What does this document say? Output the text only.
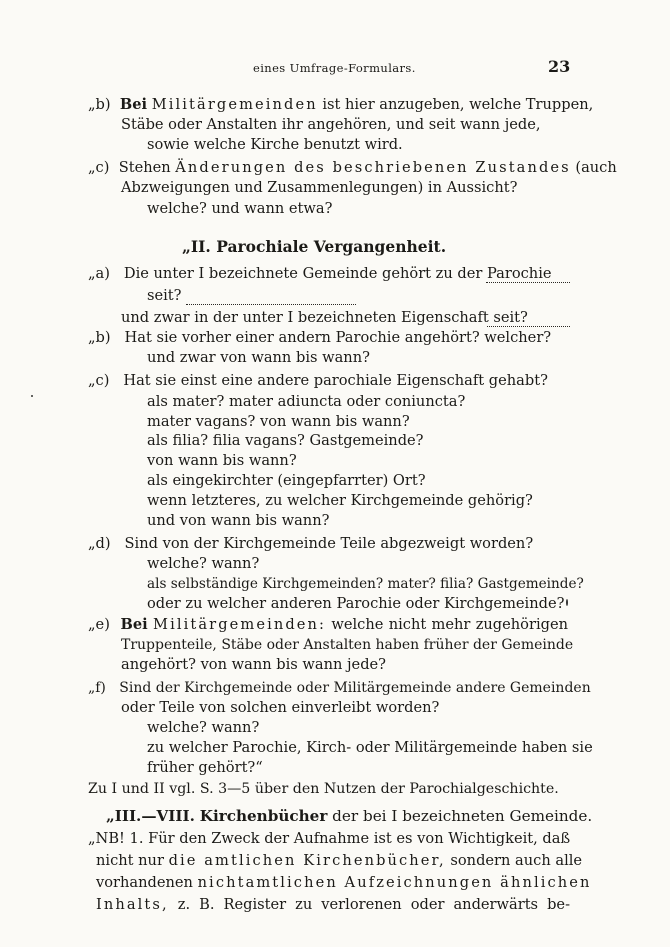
eines Umfrage-Formulars.	23
„b) Bei Militärgemeinden ist hier anzugeben, welche Truppen,
Stäbe oder Anstalten ihr angehören, und seit wann jede,
sowie welche Kirche benutzt wird.
„c) Stehen Änderungen des beschriebenen Zustandes (auch
Abzweigungen und Zusammenlegungen) in Aussicht?
welche? und wann etwa?
„II. Parochiale Vergangenheit.
„a) Die unter I bezeichnete Gemeinde gehört zu der Parochie
seit?
und zwar in der unter I bezeichneten Eigenschaft seit?
„b) Hat sie vorher einer andern Parochie angehört? welcher?
und zwar von wann bis wann?
„c) Hat sie einst eine andere parochiale Eigenschaft gehabt?
als mater? mater adiuncta oder coniuncta?
mater vagans? von wann bis wann?
als filia? filia vagans? Gastgemeinde?
von wann bis wann?
als eingekirchter (eingepfarrter) Ort?
wenn letzteres, zu welcher Kirchgemeinde gehörig?
und von wann bis wann?
„d) Sind von der Kirchgemeinde Teile abgezweigt worden?
welche? wann?
als selbständige Kirchgemeinden? mater? filia? Gastgemeinde?
oder zu welcher anderen Parochie oder Kirchgemeinde?
„e) Bei Militärgemeinden: welche nicht mehr zugehörigen
Truppenteile, Stäbe oder Anstalten haben früher der Gemeinde
angehört? von wann bis wann jede?
„f) Sind der Kirchgemeinde oder Militärgemeinde andere Gemeinden
oder Teile von solchen einverleibt worden?
welche? wann?
zu welcher Parochie, Kirch- oder Militärgemeinde haben sie
früher gehört?“
Zu I und II vgl. S. 3—5 über den Nutzen der Parochialgeschichte.
„III.—VIII. Kirchenbücher der bei I bezeichneten Gemeinde.
„NB! 1. Für den Zweck der Aufnahme ist es von Wichtigkeit, daß
nicht nur die amtlichen Kirchenbücher, sondern auch alle
vorhandenen nichtamtlichen Aufzeichnungen ähnlichen
Inhalts, z. B. Register zu verlorenen oder anderwärts be-
